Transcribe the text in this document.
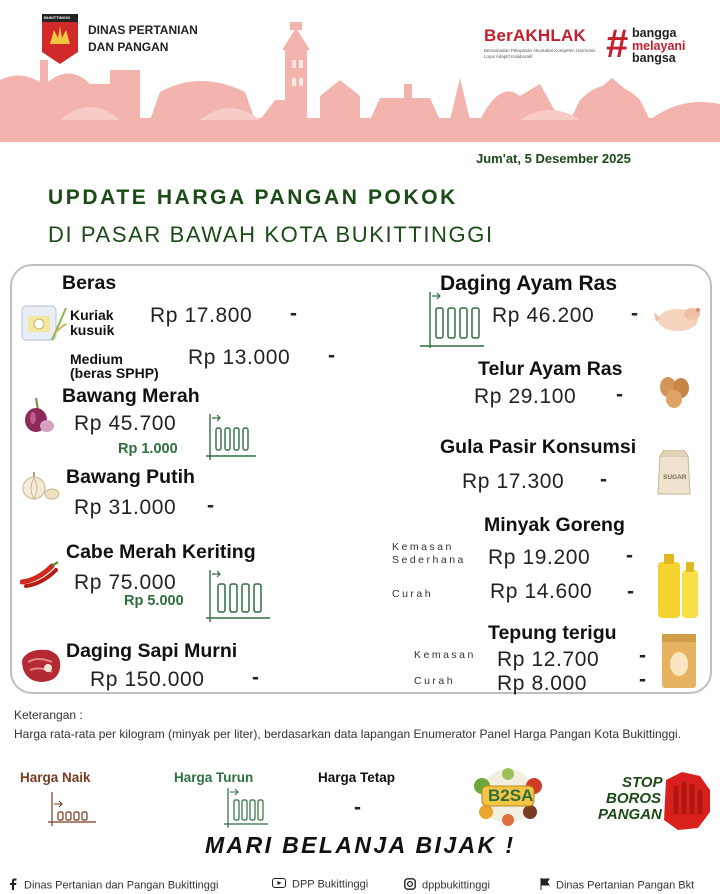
BUKITTINGGI
DINAS PERTANIAN
DAN PANGAN
BerAKHLAK
Bersamadan Pelayanan Akuntabel Kompeten Harmonis Loyal Adaptif Kolaboratif	# bangga
melayani
bangsa
Jum'at, 5 Desember 2025
UPDATE HARGA PANGAN POKOK
DI PASAR BAWAH KOTA BUKITTINGGI
Beras
Kuriak
kusuik
Rp 17.800 -
Medium
(beras SPHP)
Rp 13.000 -
Bawang Merah
Rp 45.700
Rp 1.000
Bawang Putih
Rp 31.000 -
Cabe Merah Keriting
Rp 75.000
Rp 5.000
Daging Sapi Murni
Rp 150.000 -
Daging Ayam Ras
Rp 46.200 -
Telur Ayam Ras
Rp 29.100 -
Gula Pasir Konsumsi
Rp 17.300 -	SUGAR
Minyak Goreng
Kemasan
Sederhana Rp 19.200 -
Curah	Rp 14.600 -
Tepung terigu
Kemasan Rp 12.700 -
Curah Rp 8.000 -
Keterangan :
Harga rata-rata per kilogram (minyak per liter), berdasarkan data lapangan Enumerator Panel Harga Pangan Kota Bukittinggi.
Harga Naik	Harga Turun	Harga Tetap
-
B2SA
STOP
BOROS
PANGAN
MARI BELANJA BIJAK !
Dinas Pertanian dan Pangan Bukittinggi	DPP Bukittinggi	dppbukittinggi	Dinas Pertanian Pangan Bkt
